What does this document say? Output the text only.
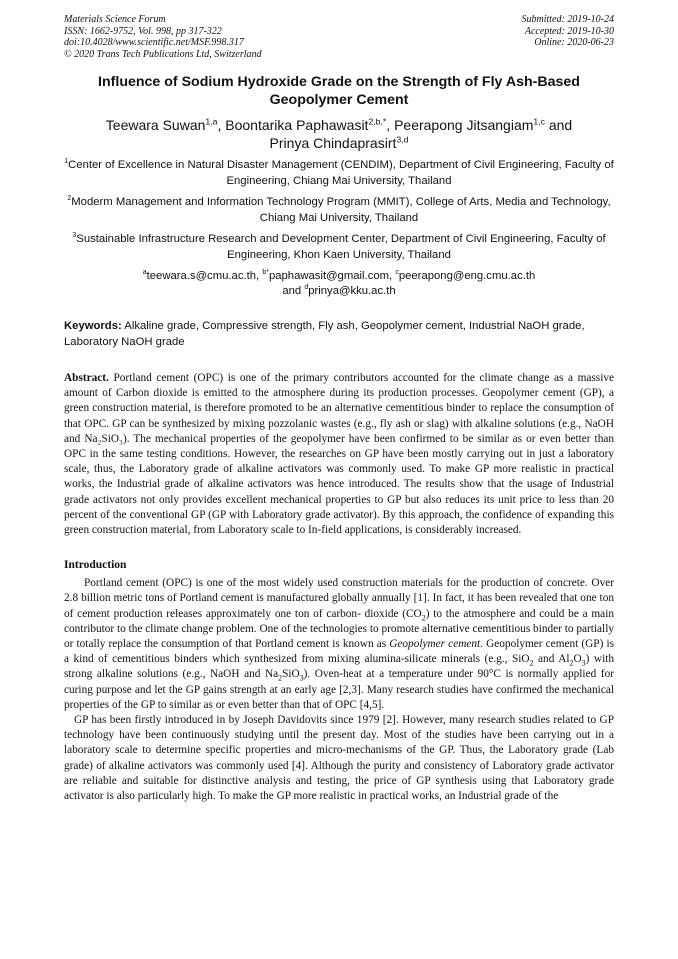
Materials Science Forum
ISSN: 1662-9752, Vol. 998, pp 317-322
doi:10.4028/www.scientific.net/MSF.998.317
© 2020 Trans Tech Publications Ltd, Switzerland
Submitted: 2019-10-24
Accepted: 2019-10-30
Online: 2020-06-23
Influence of Sodium Hydroxide Grade on the Strength of Fly Ash-Based Geopolymer Cement
Teewara Suwan$^{1,a}$, Boontarika Paphawasit$^{2,b,*}$, Peerapong Jitsangiam$^{1,c}$ and
Prinya Chindaprasirt$^{3,d}$
$^1$Center of Excellence in Natural Disaster Management (CENDIM), Department of Civil Engineering, Faculty of Engineering, Chiang Mai University, Thailand
$^2$Moderm Management and Information Technology Program (MMIT), College of Arts, Media and Technology, Chiang Mai University, Thailand
$^3$Sustainable Infrastructure Research and Development Center, Department of Civil Engineering, Faculty of Engineering, Khon Kaen University, Thailand
$^a$teewara.s@cmu.ac.th, $^{b*}$paphawasit@gmail.com, $^c$peerapong@eng.cmu.ac.th
and $^d$prinya@kku.ac.th
Keywords: Alkaline grade, Compressive strength, Fly ash, Geopolymer cement, Industrial NaOH grade, Laboratory NaOH grade
Abstract. Portland cement (OPC) is one of the primary contributors accounted for the climate change as a massive amount of Carbon dioxide is emitted to the atmosphere during its production processes. Geopolymer cement (GP), a green construction material, is therefore promoted to be an alternative cementitious binder to replace the consumption of that OPC. GP can be synthesized by mixing pozzolanic wastes (e.g., fly ash or slag) with alkaline solutions (e.g., NaOH and Na₂SiO₃). The mechanical properties of the geopolymer have been confirmed to be similar as or even better than OPC in the same testing conditions. However, the researches on GP have been mostly carrying out in just a laboratory scale, thus, the Laboratory grade of alkaline activators was commonly used. To make GP more realistic in practical works, the Industrial grade of alkaline activators was hence introduced. The results show that the usage of Industrial grade activators not only provides excellent mechanical properties to GP but also reduces its unit price to less than 20 percent of the conventional GP (GP with Laboratory grade activator). By this approach, the confidence of expanding this green construction material, from Laboratory scale to In-field applications, is considerably increased.
Introduction

Portland cement (OPC) is one of the most widely used construction materials for the production of concrete. Over 2.8 billion metric tons of Portland cement is manufactured globally annually [1]. In fact, it has been revealed that one ton of cement production releases approximately one ton of carbon- dioxide $(CO_2)$ to the atmosphere and could be a main contributor to the climate change problem. One of the technologies to promote alternative cementitious binder to partially or totally replace the consumption of that Portland cement is known as Geopolymer cement. Geopolymer cement (GP) is a kind of cementitious binders which synthesized from mixing alumina-silicate minerals (e.g., SiO$_2$ and $Al_2O_3$) with strong alkaline solutions (e.g., NaOH and $Na_2SiO_3$). Oven-heat at a temperature under 90°C is normally applied for curing purpose and let the GP gains strength at an early age [2,3]. Many research studies have confirmed the mechanical properties of the GP to similar as or even better than that of OPC [4,5].

GP has been firstly introduced in by Joseph Davidovits since 1979 [2]. However, many research studies related to GP technology have been continuously studying until the present day. Most of the studies have been carrying out in a laboratory scale to determine specific properties and micro-mechanisms of the GP. Thus, the Laboratory grade (Lab grade) of alkaline activators was commonly used [4]. Although the purity and consistency of Laboratory grade activator are reliable and suitable for distinctive analysis and testing, the price of GP synthesis using that Laboratory grade activator is also particularly high. To make the GP more realistic in practical works, an Industrial grade of the
